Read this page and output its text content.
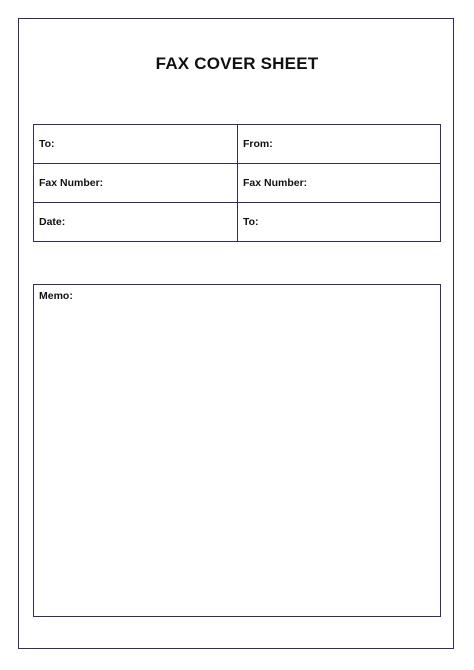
FAX COVER SHEET
To:	From:
Fax Number:	Fax Number:
Date:	To:
Memo:
